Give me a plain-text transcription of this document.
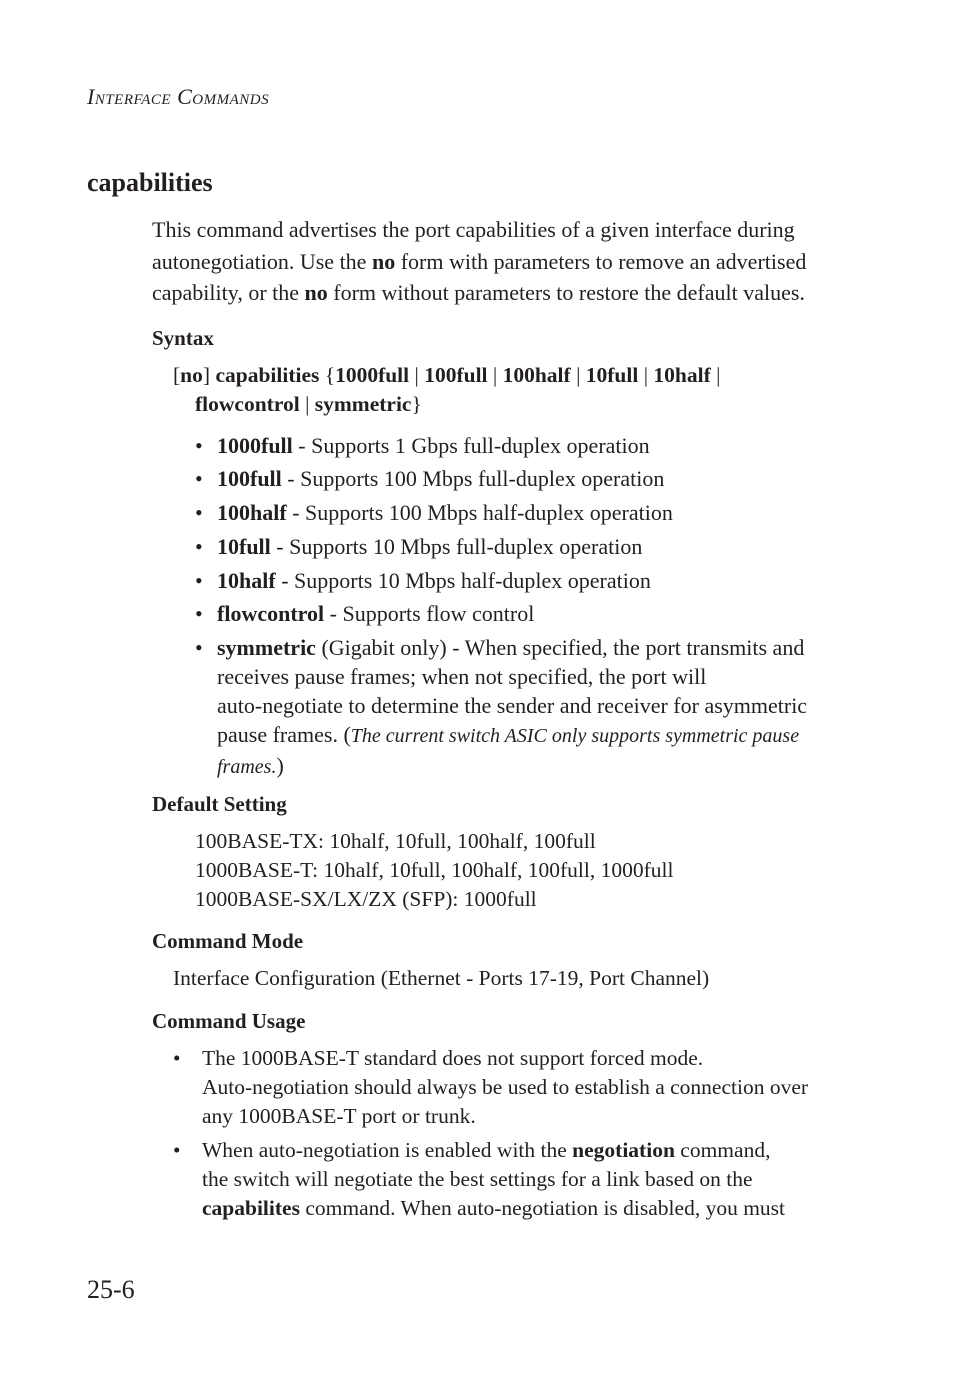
INTERFACE COMMANDS
capabilities
This command advertises the port capabilities of a given interface during
autonegotiation. Use the no form with parameters to remove an advertised
capability, or the no form without parameters to restore the default values.
Syntax
[no] capabilities {1000full | 100full | 100half | 10full | 10half |
flowcontrol | symmetric}
• 1000full - Supports 1 Gbps full-duplex operation
• 100full - Supports 100 Mbps full-duplex operation
• 100half - Supports 100 Mbps half-duplex operation
• 10full - Supports 10 Mbps full-duplex operation
• 10half - Supports 10 Mbps half-duplex operation
• flowcontrol - Supports flow control
• symmetric (Gigabit only) - When specified, the port transmits and
receives pause frames; when not specified, the port will
auto-negotiate to determine the sender and receiver for asymmetric
pause frames. (The current switch ASIC only supports symmetric pause
frames.)
Default Setting
100BASE-TX: 10half, 10full, 100half, 100full
1000BASE-T: 10half, 10full, 100half, 100full, 1000full
1000BASE-SX/LX/ZX (SFP): 1000full
Command Mode
Interface Configuration (Ethernet - Ports 17-19, Port Channel)
Command Usage
• The 1000BASE-T standard does not support forced mode.
Auto-negotiation should always be used to establish a connection over
any 1000BASE-T port or trunk.
• When auto-negotiation is enabled with the negotiation command,
the switch will negotiate the best settings for a link based on the
capabilites command. When auto-negotiation is disabled, you must
25-6
